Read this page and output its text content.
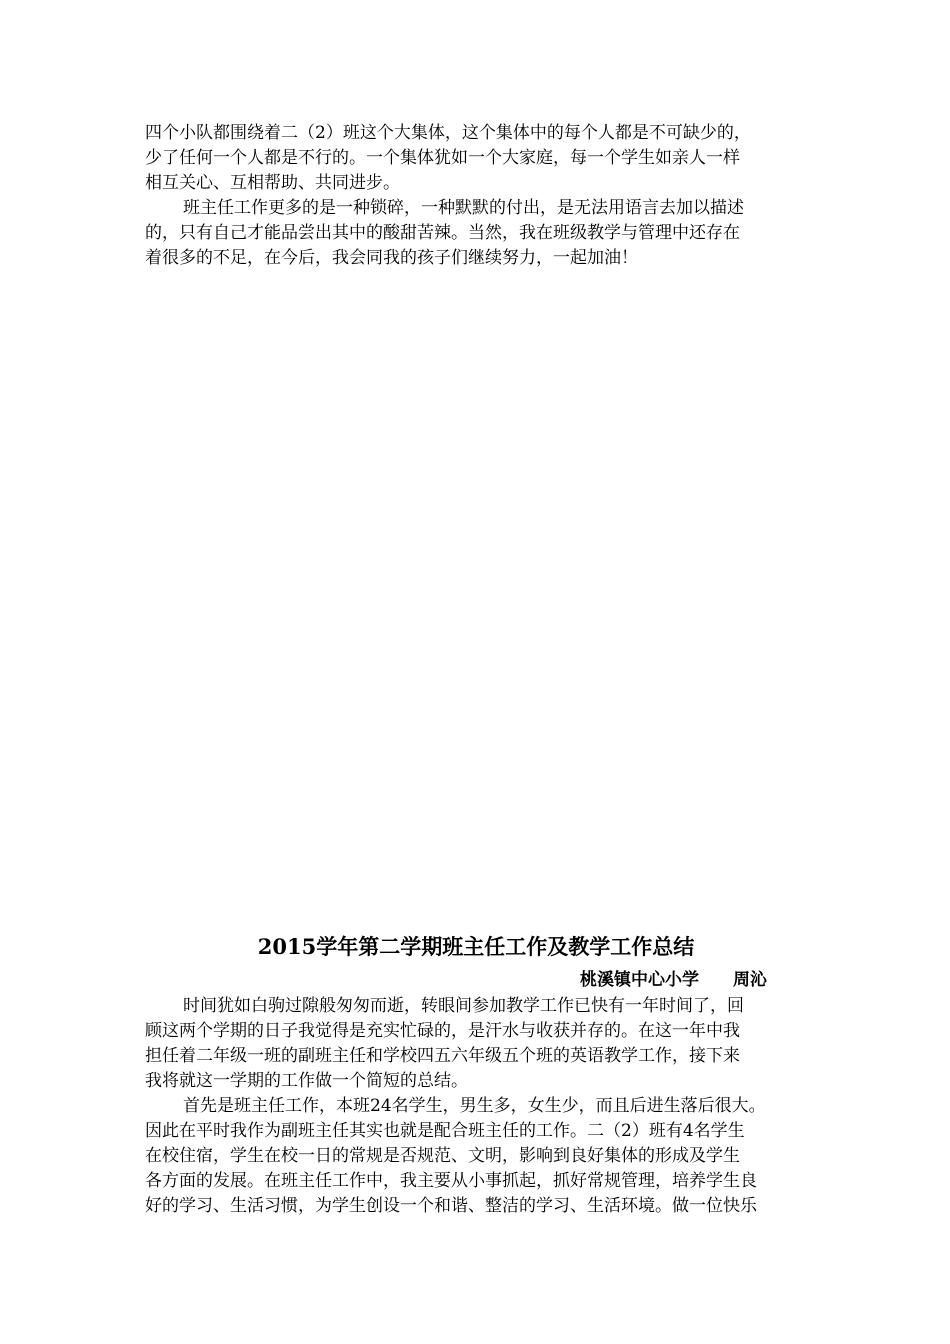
四个小队都围绕着二（2）班这个大集体，这个集体中的每个人都是不可缺少的，
少了任何一个人都是不行的。一个集体犹如一个大家庭，每一个学生如亲人一样
相互关心、互相帮助、共同进步。
班主任工作更多的是一种锁碎，一种默默的付出，是无法用语言去加以描述
的，只有自己才能品尝出其中的酸甜苦辣。当然，我在班级教学与管理中还存在
着很多的不足，在今后，我会同我的孩子们继续努力，一起加油！
2015学年第二学期班主任工作及教学工作总结
桃溪镇中心小学 周沁
时间犹如白驹过隙般匆匆而逝，转眼间参加教学工作已快有一年时间了，回
顾这两个学期的日子我觉得是充实忙碌的，是汗水与收获并存的。在这一年中我
担任着二年级一班的副班主任和学校四五六年级五个班的英语教学工作，接下来
我将就这一学期的工作做一个简短的总结。
首先是班主任工作，本班24名学生，男生多，女生少，而且后进生落后很大。
因此在平时我作为副班主任其实也就是配合班主任的工作。二（2）班有4名学生
在校住宿，学生在校一日的常规是否规范、文明，影响到良好集体的形成及学生
各方面的发展。在班主任工作中，我主要从小事抓起，抓好常规管理，培养学生良
好的学习、生活习惯，为学生创设一个和谐、整洁的学习、生活环境。做一位快乐
